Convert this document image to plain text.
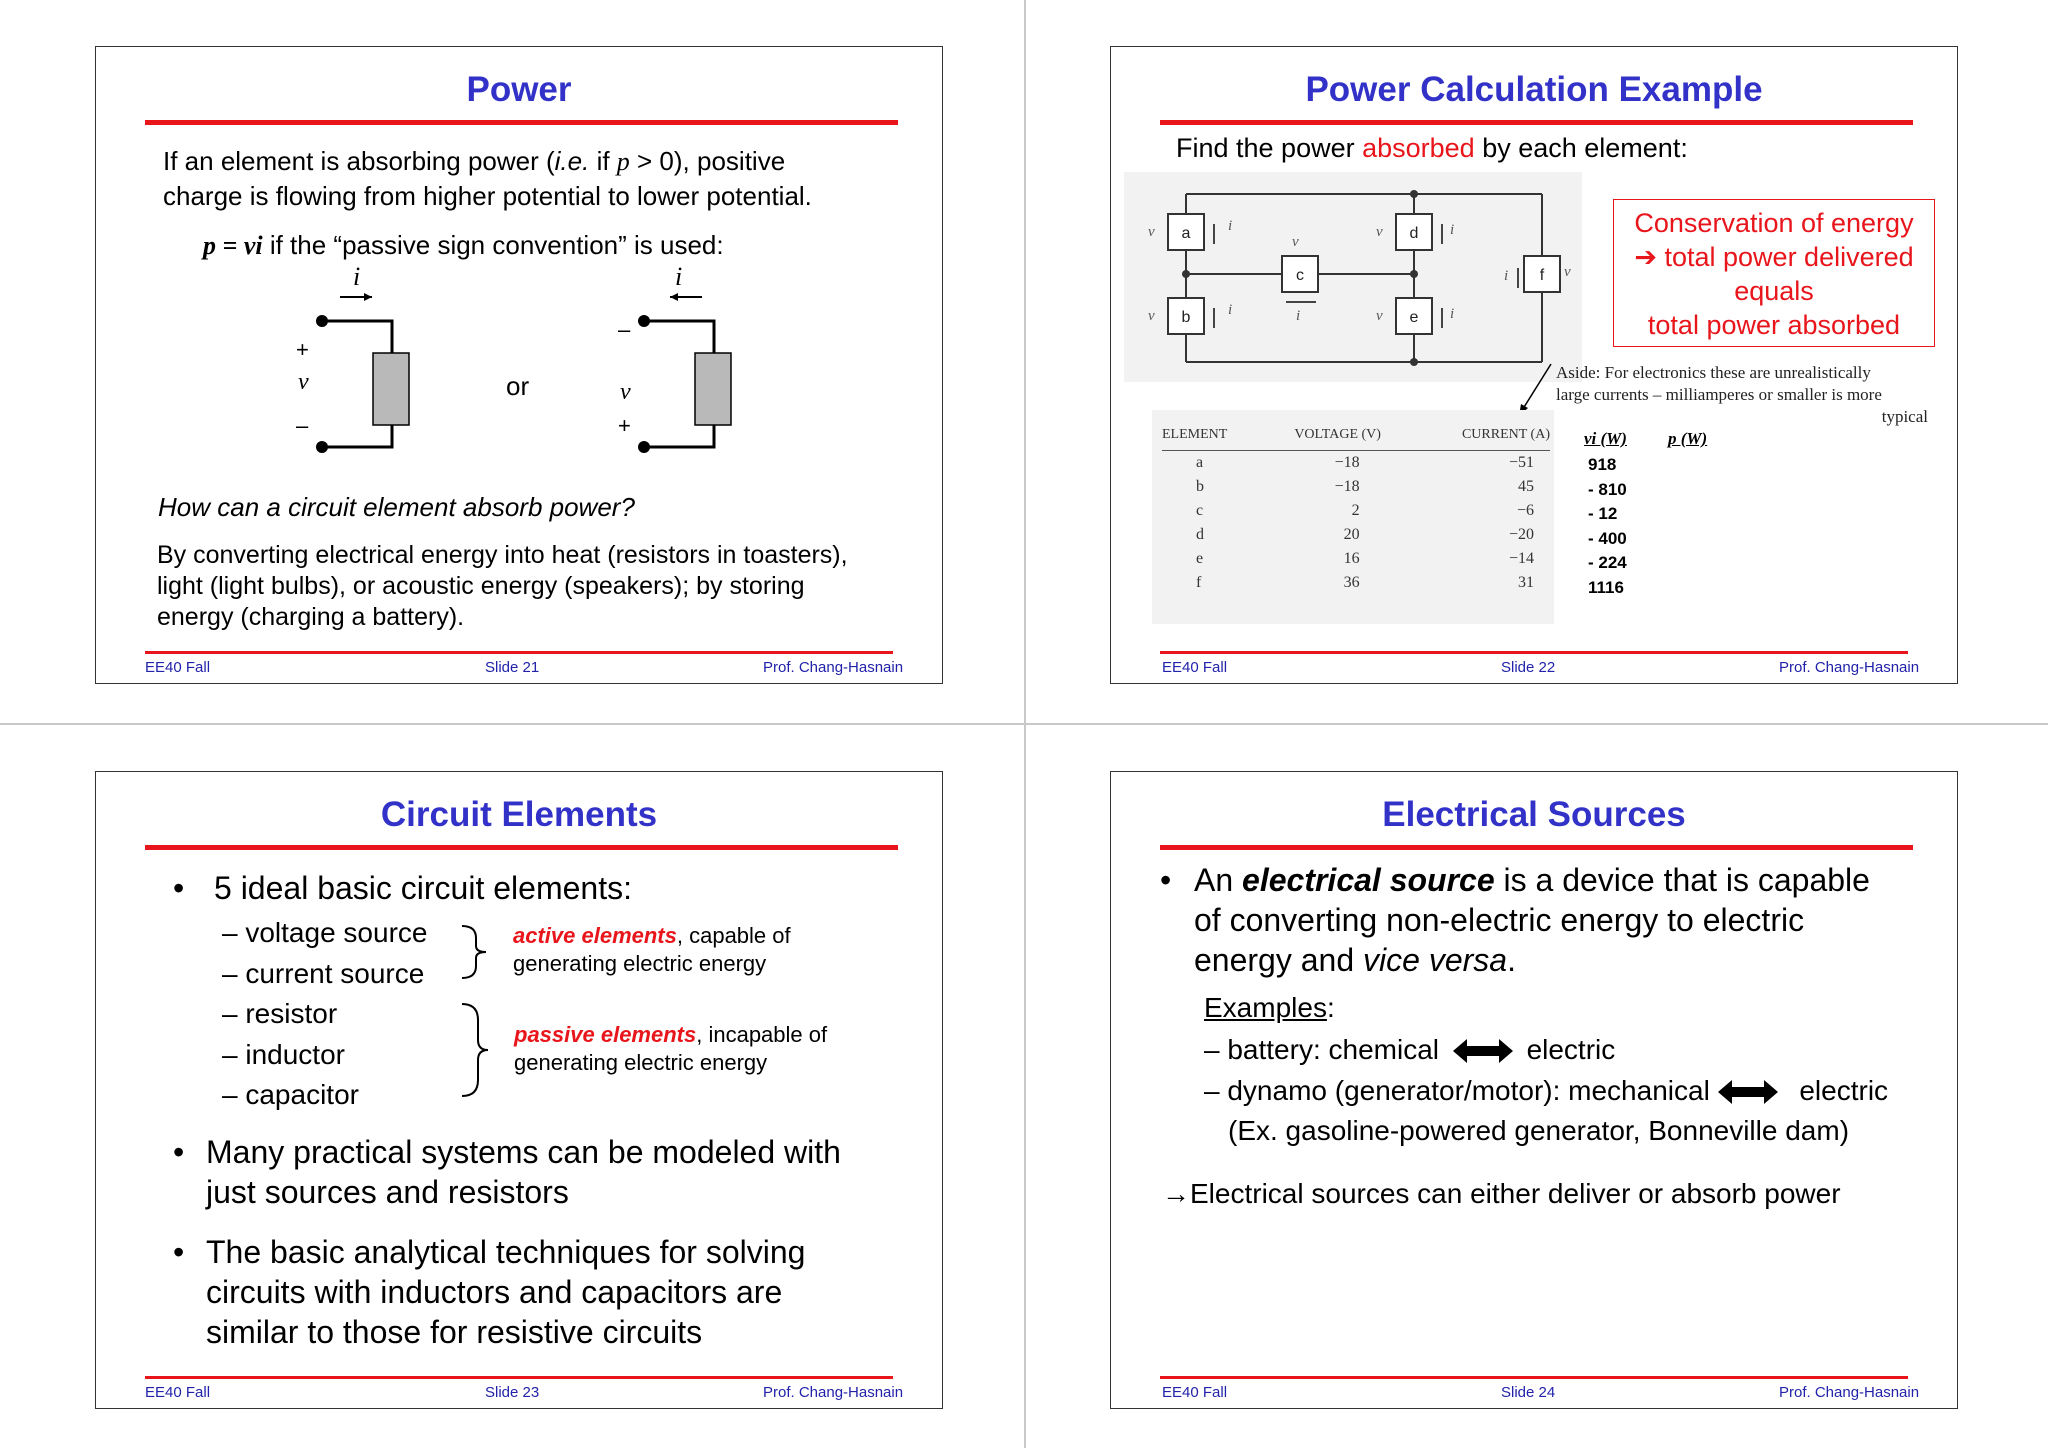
Power
If an element is absorbing power (i.e. if p > 0), positive
charge is flowing from higher potential to lower potential.
p = vi if the “passive sign convention” is used:
i
+
v
–
or
i
–
v
+
How can a circuit element absorb power?
By converting electrical energy into heat (resistors in toasters),
light (light bulbs), or acoustic energy (speakers); by storing
energy (charging a battery).
EE40 Fall	Slide 21	Prof. Chang-Hasnain
Power Calculation Example
Find the power absorbed by each element:
a
b
c
d
e
f
v
v
v
v
v
v
i
i	i
i
i
i
Conservation of energy
➔ total power delivered
equals
total power absorbed
Aside: For electronics these are unrealistically
large currents – milliamperes or smaller is more
typical
ELEMENT	VOLTAGE (V)	CURRENT (A)
a	−18	−51
b	−18	45
c	2	−6
d	20	−20
e	16	−14
f	36	31
vi (W) p (W)
918
- 810
- 12
- 400
- 224
1116
EE40 Fall	Slide 22	Prof. Chang-Hasnain
Circuit Elements
• 5 ideal basic circuit elements:
– voltage source
– current source
– resistor
– inductor
– capacitor
active elements, capable of
generating electric energy
passive elements, incapable of
generating electric energy
• Many practical systems can be modeled with
just sources and resistors
• The basic analytical techniques for solving
circuits with inductors and capacitors are
similar to those for resistive circuits
EE40 Fall	Slide 23	Prof. Chang-Hasnain
Electrical Sources
• An electrical source is a device that is capable
of converting non-electric energy to electric
energy and vice versa.
Examples:
– battery: chemical	electric
– dynamo (generator/motor): mechanical	electric
(Ex. gasoline-powered generator, Bonneville dam)
→Electrical sources can either deliver or absorb power
EE40 Fall	Slide 24	Prof. Chang-Hasnain
